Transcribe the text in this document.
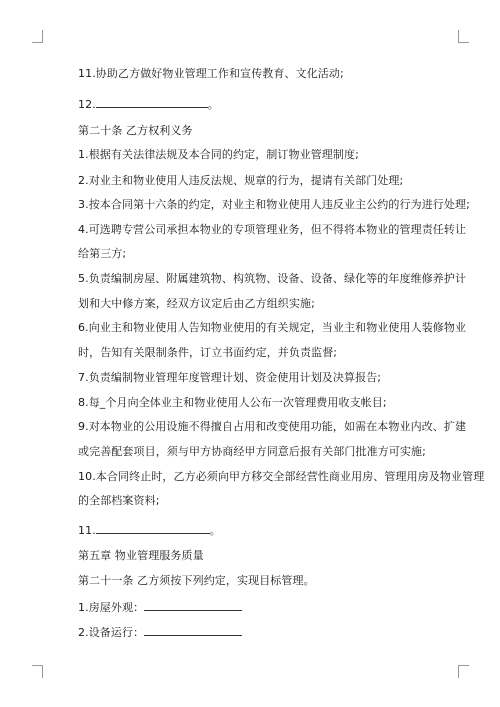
11.协助乙方做好物业管理工作和宣传教育、文化活动;
12.	。
第二十条 乙方权利义务
1.根据有关法律法规及本合同的约定，制订物业管理制度;
2.对业主和物业使用人违反法规、规章的行为，提请有关部门处理;
3.按本合同第十六条的约定，对业主和物业使用人违反业主公约的行为进行处理;
4.可选聘专营公司承担本物业的专项管理业务，但不得将本物业的管理责任转让
给第三方;
5.负责编制房屋、附属建筑物、构筑物、设备、设备、绿化等的年度维修养护计
划和大中修方案，经双方议定后由乙方组织实施;
6.向业主和物业使用人告知物业使用的有关规定，当业主和物业使用人装修物业
时，告知有关限制条件，订立书面约定，并负责监督;
7.负责编制物业管理年度管理计划、资金使用计划及决算报告;
8.每_个月向全体业主和物业使用人公布一次管理费用收支帐目;
9.对本物业的公用设施不得擅自占用和改变使用功能，如需在本物业内改、扩建
或完善配套项目，须与甲方协商经甲方同意后报有关部门批准方可实施;
10.本合同终止时，乙方必须向甲方移交全部经营性商业用房、管理用房及物业管理
的全部档案资料;
11.	。
第五章 物业管理服务质量
第二十一条 乙方须按下列约定，实现目标管理。
1.房屋外观：
2.设备运行：
